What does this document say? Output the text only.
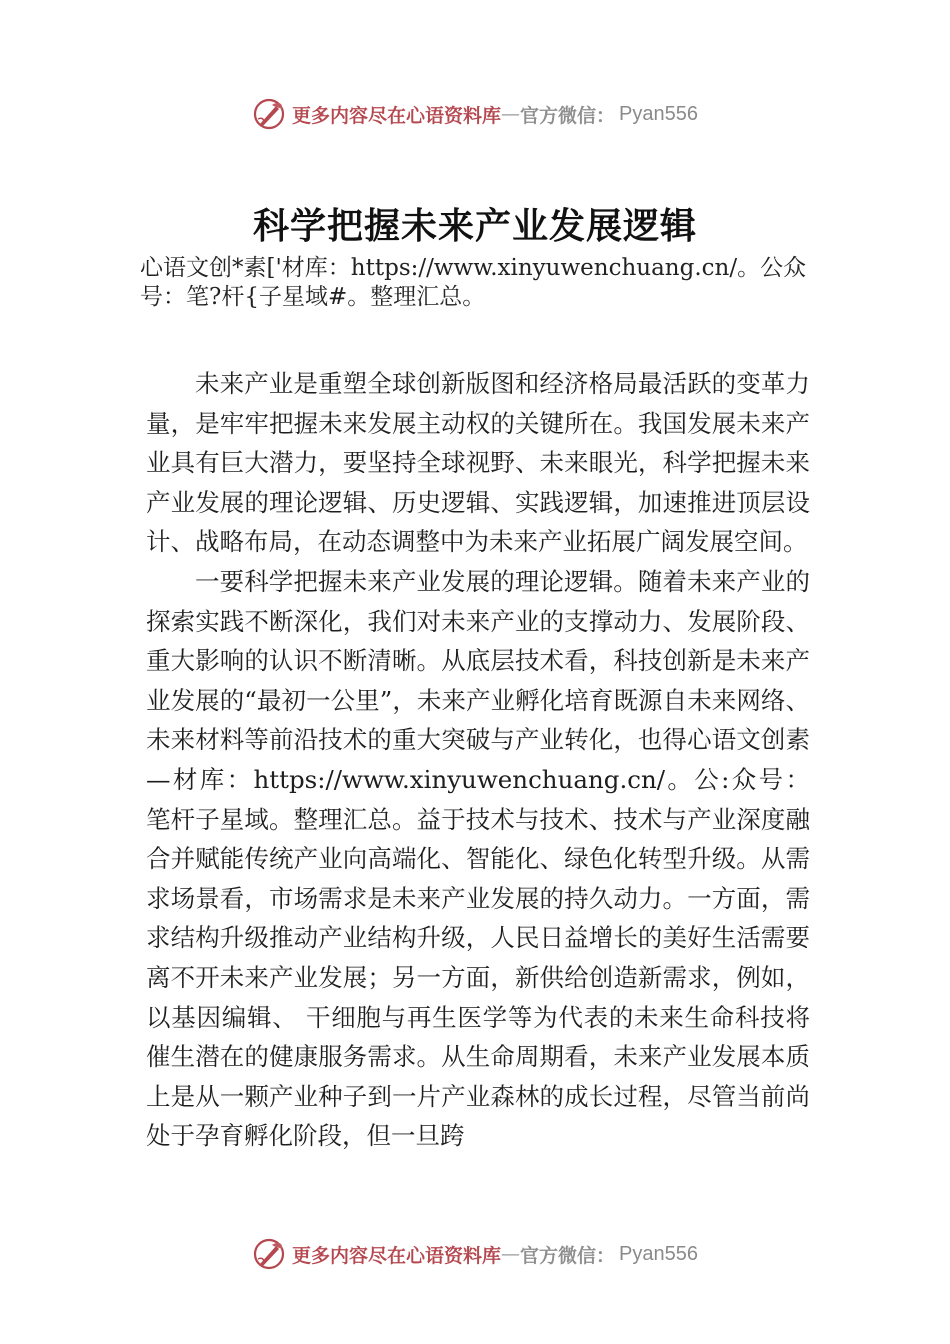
更多内容尽在心语资料库 — 官方微信： Pyan556
科学把握未来产业发展逻辑

心语文创*素['材库：https://www.xinyuwenchuang.cn/。公众号：笔?杆{子星域#。整理汇总。

未来产业是重塑全球创新版图和经济格局最活跃的变革力量，是牢牢把握未来发展主动权的关键所在。我国发展未来产业具有巨大潜力，要坚持全球视野、未来眼光，科学把握未来产业发展的理论逻辑、历史逻辑、实践逻辑，加速推进顶层设计、战略布局，在动态调整中为未来产业拓展广阔发展空间。

一要科学把握未来产业发展的理论逻辑。随着未来产业的探索实践不断深化，我们对未来产业的支撑动力、发展阶段、重大影响的认识不断清晰。从底层技术看，科技创新是未来产业发展的“最初一公里”，未来产业孵化培育既源自未来网络、未来材料等前沿技术的重大突破与产业转化，也得心语文创素—材库：https://www.xinyuwenchuang.cn/。公:众号：笔杆子星域。整理汇总。益于技术与技术、技术与产业深度融合并赋能传统产业向高端化、智能化、绿色化转型升级。从需求场景看，市场需求是未来产业发展的持久动力。一方面，需求结构升级推动产业结构升级，人民日益增长的美好生活需要离不开未来产业发展；另一方面，新供给创造新需求，例如，以基因编辑、 干细胞与再生医学等为代表的未来生命科技将催生潜在的健康服务需求。从生命周期看，未来产业发展本质上是从一颗产业种子到一片产业森林的成长过程，尽管当前尚处于孕育孵化阶段，但一旦跨

更多内容尽在心语资料库 — 官方微信： Pyan556
